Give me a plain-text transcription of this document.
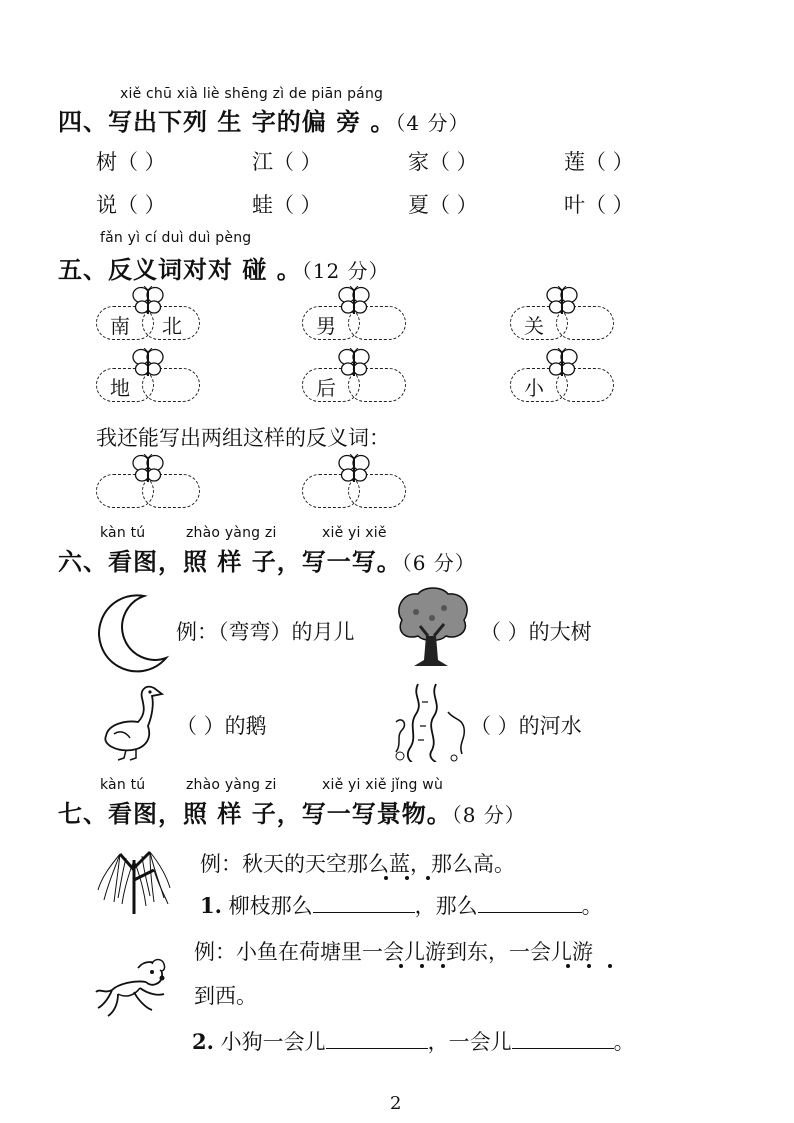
xiě chū xià liè shēng zì de piān páng
四、写出下列 生 字的偏 旁 。（4 分）
树（ ）	江（ ）	家（ ）	莲（ ）
说（ ）	蛙（ ）	夏（ ）	叶（ ）
fǎn yì cí duì duì pèng
五、反义词对对 碰 。（12 分）
南 北	男	关
地	后	小
我还能写出两组这样的反义词：
kàn tú	zhào yàng zi	xiě yi xiě
六、看图，照 样 子，写一写。（6 分）
例：（弯弯）的月儿	（ ）的大树
（ ）的鹅	（ ）的河水
kàn tú	zhào yàng zi	xiě yi xiě jǐng wù
七、看图，照 样 子，写一写景物。（8 分）
例：秋天的天空那么蓝，那么高。
1. 柳枝那么	，那么	。
例：小鱼在荷塘里一会儿游到东，一会儿游
到西。
2. 小狗一会儿	，一会儿	。
2
